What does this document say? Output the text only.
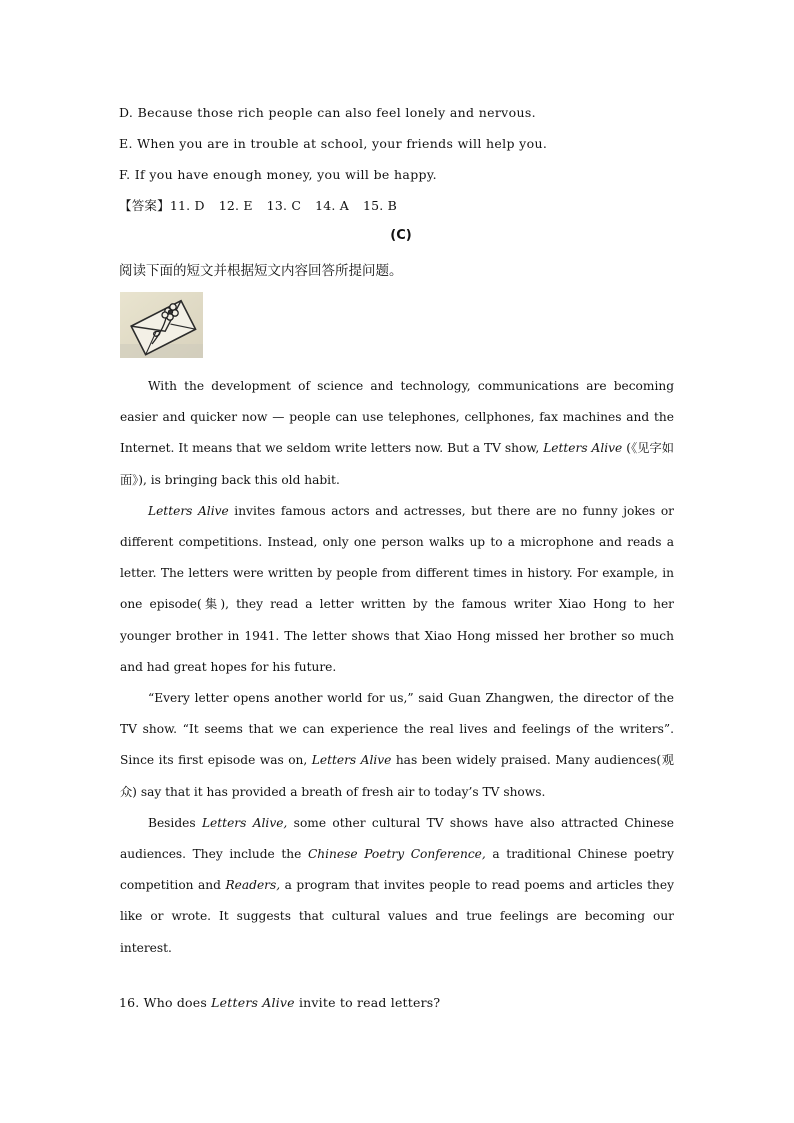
D. Because those rich people can also feel lonely and nervous.
E. When you are in trouble at school, your friends will help you.
F. If you have enough money, you will be happy.
【答案】11. D 12. E 13. C 14. A 15. B
(C)
阅读下面的短文并根据短文内容回答所提问题。

With the development of science and technology, communications are becoming easier and quicker now — people can use telephones, cellphones, fax machines and the Internet. It means that we seldom write letters now. But a TV show, Letters Alive (《见字如面》), is bringing back this old habit.

Letters Alive invites famous actors and actresses, but there are no funny jokes or different competitions. Instead, only one person walks up to a microphone and reads a letter. The letters were written by people from different times in history. For example, in one episode(集), they read a letter written by the famous writer Xiao Hong to her younger brother in 1941. The letter shows that Xiao Hong missed her brother so much and had great hopes for his future.

“Every letter opens another world for us,” said Guan Zhangwen, the director of the TV show. “It seems that we can experience the real lives and feelings of the writers”. Since its first episode was on, Letters Alive has been widely praised. Many audiences(观众) say that it has provided a breath of fresh air to today’s TV shows.

Besides Letters Alive, some other cultural TV shows have also attracted Chinese audiences. They include the Chinese Poetry Conference, a traditional Chinese poetry competition and Readers, a program that invites people to read poems and articles they like or wrote. It suggests that cultural values and true feelings are becoming our interest.

16. Who does Letters Alive invite to read letters?
